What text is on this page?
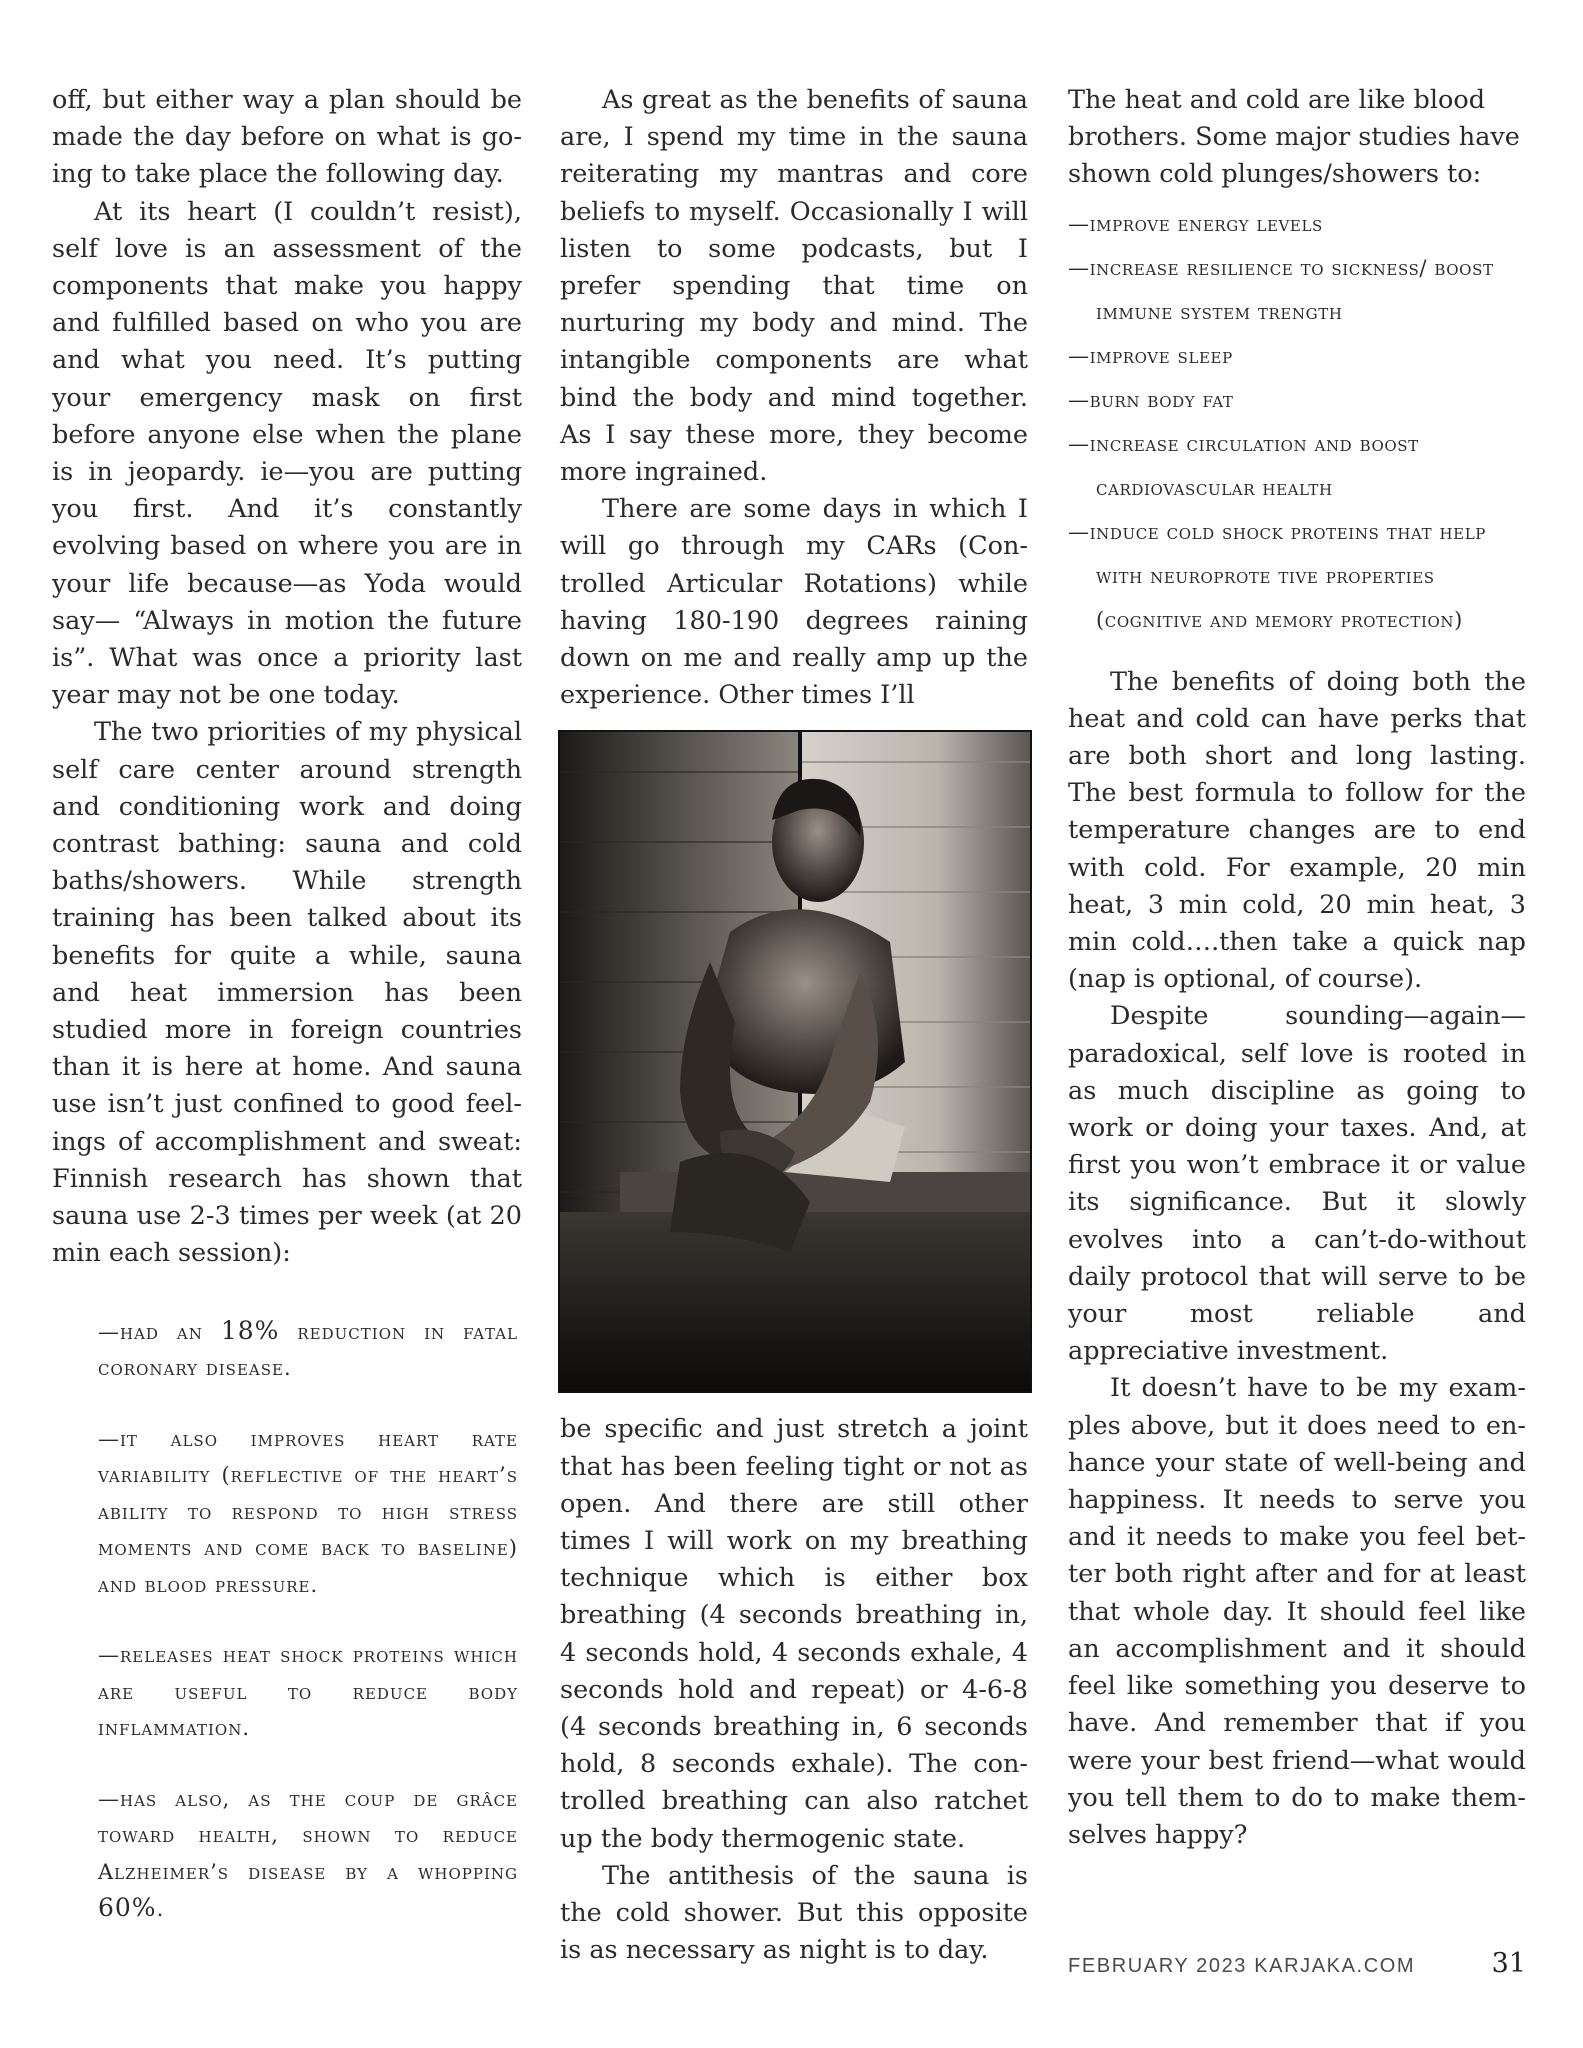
off, but either way a plan should be made the day before on what is going to take place the following day.

At its heart (I couldn’t resist), self love is an assessment of the components that make you happy and fulfilled based on who you are and what you need. It’s putting your emergency mask on first before anyone else when the plane is in jeopardy. ie—you are putting you first. And it’s constantly evolving based on where you are in your life because—as Yoda would say— “Always in motion the future is”. What was once a priority last year may not be one today.

The two priorities of my physical self care center around strength and conditioning work and doing contrast bathing: sauna and cold baths/showers. While strength training has been talked about its benefits for quite a while, sauna and heat immersion has been studied more in foreign countries than it is here at home. And sauna use isn’t just confined to good feelings of accomplishment and sweat: Finnish research has shown that sauna use 2-3 times per week (at 20 min each session):

—had an 18% reduction in fatal coronary disease.
—it also improves heart rate variability (reflective of the heart’s ability to respond to high stress moments and come back to baseline) and blood pressure.
—releases heat shock proteins which are useful to reduce body inflammation.
—has also, as the coup de grâce toward health, shown to reduce Alzheimer’s disease by a whopping 60%.

As great as the benefits of sauna are, I spend my time in the sauna reiterating my mantras and core beliefs to myself. Occasionally I will listen to some podcasts, but I prefer spending that time on nurturing my body and mind. The intangible components are what bind the body and mind together. As I say these more, they become more ingrained.

There are some days in which I will go through my CARs (Controlled Articular Rotations) while having 180-190 degrees raining down on me and really amp up the experience. Other times I’ll

be specific and just stretch a joint that has been feeling tight or not as open. And there are still other times I will work on my breathing technique which is either box breathing (4 seconds breathing in, 4 seconds hold, 4 seconds exhale, 4 seconds hold and repeat) or 4-6-8 (4 seconds breathing in, 6 seconds hold, 8 seconds exhale). The controlled breathing can also ratchet up the body thermogenic state.

The antithesis of the sauna is the cold shower. But this opposite is as necessary as night is to day.

The heat and cold are like blood brothers. Some major studies have shown cold plunges/showers to:

—improve energy levels
—increase resilience to sickness/ boost immune system trength
—improve sleep
—burn body fat
—increase circulation and boost cardiovascular health
—induce cold shock proteins that help with neuroprote tive properties (cognitive and memory protection)

The benefits of doing both the heat and cold can have perks that are both short and long lasting. The best formula to follow for the temperature changes are to end with cold. For example, 20 min heat, 3 min cold, 20 min heat, 3 min cold….then take a quick nap (nap is optional, of course).

Despite sounding—again— paradoxical, self love is rooted in as much discipline as going to work or doing your taxes. And, at first you won’t embrace it or value its significance. But it slowly evolves into a can’t-do-without daily protocol that will serve to be your most reliable and appreciative investment.

It doesn’t have to be my examples above, but it does need to enhance your state of well-being and happiness. It needs to serve you and it needs to make you feel better both right after and for at least that whole day. It should feel like an accomplishment and it should feel like something you deserve to have. And remember that if you were your best friend—what would you tell them to do to make themselves happy?

FEBRUARY 2023 KARJAKA.COM	31
